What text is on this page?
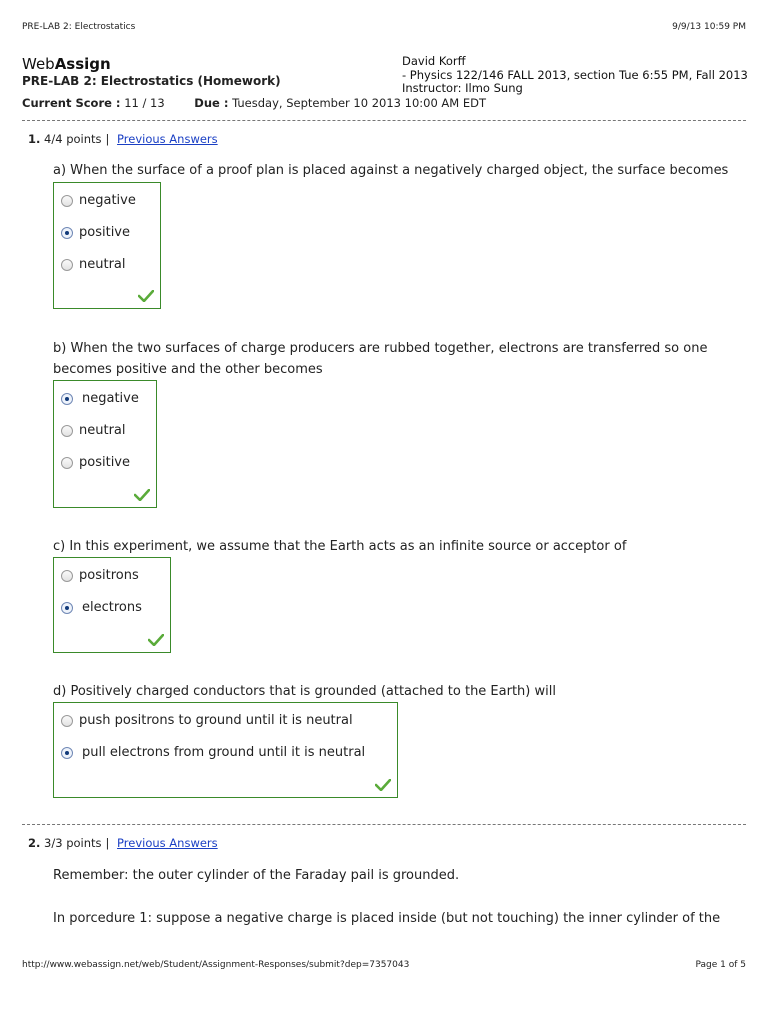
PRE-LAB 2: Electrostatics	9/9/13 10:59 PM
WebAssign
PRE-LAB 2: Electrostatics (Homework)
David Korff
- Physics 122/146 FALL 2013, section Tue 6:55 PM, Fall 2013
Instructor: Ilmo Sung
Current Score : 11 / 13	Due : Tuesday, September 10 2013 10:00 AM EDT
1. 4/4 points | Previous Answers
a) When the surface of a proof plan is placed against a negatively charged object, the surface becomes
negative
positive
neutral
b) When the two surfaces of charge producers are rubbed together, electrons are transferred so one
becomes positive and the other becomes
negative
neutral
positive
c) In this experiment, we assume that the Earth acts as an infinite source or acceptor of
positrons
electrons
d) Positively charged conductors that is grounded (attached to the Earth) will
push positrons to ground until it is neutral
pull electrons from ground until it is neutral
2. 3/3 points | Previous Answers
Remember: the outer cylinder of the Faraday pail is grounded.
In porcedure 1: suppose a negative charge is placed inside (but not touching) the inner cylinder of the
http://www.webassign.net/web/Student/Assignment-Responses/submit?dep=7357043	Page 1 of 5
